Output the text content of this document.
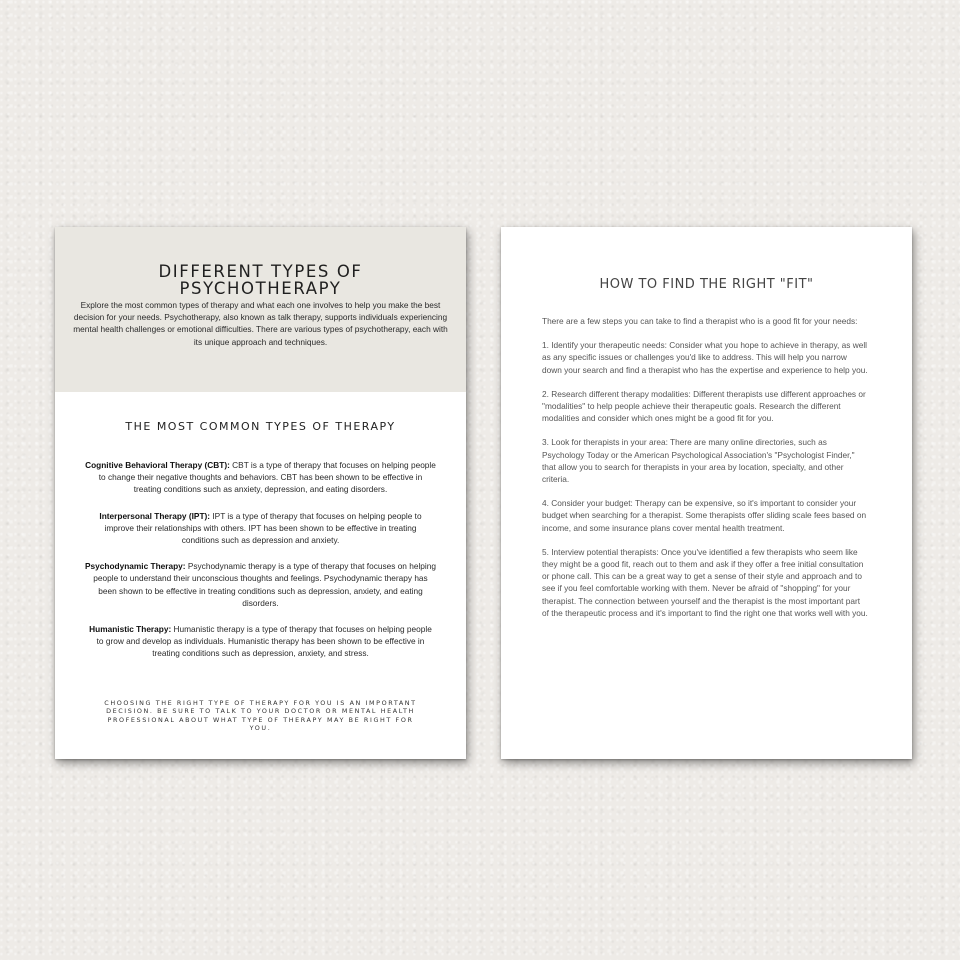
DIFFERENT TYPES OF PSYCHOTHERAPY
Explore the most common types of therapy and what each one involves to help you make the best decision for your needs. Psychotherapy, also known as talk therapy, supports individuals experiencing mental health challenges or emotional difficulties. There are various types of psychotherapy, each with its unique approach and techniques.
THE MOST COMMON TYPES OF THERAPY
Cognitive Behavioral Therapy (CBT): CBT is a type of therapy that focuses on helping people to change their negative thoughts and behaviors. CBT has been shown to be effective in treating conditions such as anxiety, depression, and eating disorders.
Interpersonal Therapy (IPT): IPT is a type of therapy that focuses on helping people to improve their relationships with others. IPT has been shown to be effective in treating conditions such as depression and anxiety.
Psychodynamic Therapy: Psychodynamic therapy is a type of therapy that focuses on helping people to understand their unconscious thoughts and feelings. Psychodynamic therapy has been shown to be effective in treating conditions such as depression, anxiety, and eating disorders.
Humanistic Therapy: Humanistic therapy is a type of therapy that focuses on helping people to grow and develop as individuals. Humanistic therapy has been shown to be effective in treating conditions such as depression, anxiety, and stress.
CHOOSING THE RIGHT TYPE OF THERAPY FOR YOU IS AN IMPORTANT DECISION. BE SURE TO TALK TO YOUR DOCTOR OR MENTAL HEALTH PROFESSIONAL ABOUT WHAT TYPE OF THERAPY MAY BE RIGHT FOR YOU.
HOW TO FIND THE RIGHT "FIT"

There are a few steps you can take to find a therapist who is a good fit for your needs:

1. Identify your therapeutic needs: Consider what you hope to achieve in therapy, as well as any specific issues or challenges you'd like to address. This will help you narrow down your search and find a therapist who has the expertise and experience to help you.

2. Research different therapy modalities: Different therapists use different approaches or "modalities" to help people achieve their therapeutic goals. Research the different modalities and consider which ones might be a good fit for you.

3. Look for therapists in your area: There are many online directories, such as Psychology Today or the American Psychological Association's "Psychologist Finder," that allow you to search for therapists in your area by location, specialty, and other criteria.

4. Consider your budget: Therapy can be expensive, so it's important to consider your budget when searching for a therapist. Some therapists offer sliding scale fees based on income, and some insurance plans cover mental health treatment.

5. Interview potential therapists: Once you've identified a few therapists who seem like they might be a good fit, reach out to them and ask if they offer a free initial consultation or phone call. This can be a great way to get a sense of their style and approach and to see if you feel comfortable working with them. Never be afraid of "shopping" for your therapist. The connection between yourself and the therapist is the most important part of the therapeutic process and it's important to find the right one that works well with you.
